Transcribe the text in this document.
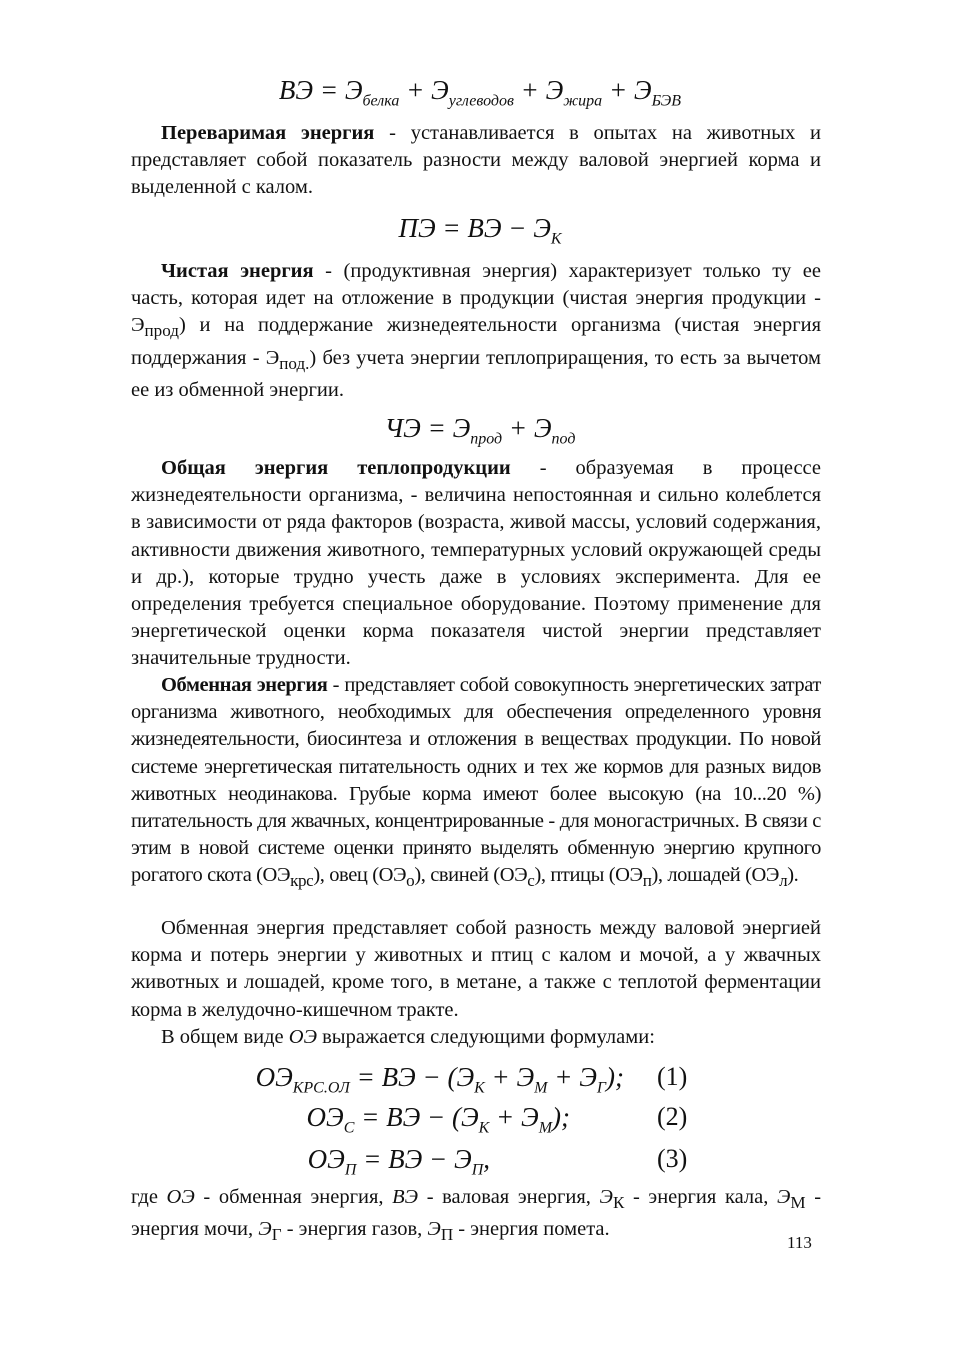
ВЭ = $Э_{белка} + Э_{углеводов} + Э_{жира} + Э_{БЭВ}$
Переваримая энергия - устанавливается в опытах на животных и представляет собой показатель разности между валовой энергией корма и выделенной с калом.
ПЭ = ВЭ − $Э_К$
Чистая энергия - (продуктивная энергия) характеризует только ту ее часть, которая идет на отложение в продукции (чистая энергия продукции - $Э_{прод}$) и на поддержание жизнедеятельности организма (чистая энергия поддержания - $Э_{под.}$) без учета энергии теплоприращения, то есть за вычетом ее из обменной энергии.
ЧЭ = $Э_{прод} + Э_{под}$
Общая энергия теплопродукции - образуемая в процессе жизнедеятельности организма, - величина непостоянная и сильно колеблется в зависимости от ряда факторов (возраста, живой массы, условий содержания, активности движения животного, температурных условий окружающей среды и др.), которые трудно учесть даже в условиях эксперимента. Для ее определения требуется специальное оборудование. Поэтому применение для энергетической оценки корма показателя чистой энергии представляет значительные трудности.
Обменная энергия - представляет собой совокупность энергетических затрат организма животного, необходимых для обеспечения определенного уровня жизнедеятельности, биосинтеза и отложения в веществах продукции. По новой системе энергетическая питательность одних и тех же кормов для разных видов животных неодинакова. Грубые корма имеют более высокую (на 10...20 %) питательность для жвачных, концентрированные - для моногастричных. В связи с этим в новой системе оценки принято выделять обменную энергию крупного рогатого скота $(ОЭ_{крс})$, овец $(ОЭ_о)$, свиней $(ОЭ_с)$, птицы $(ОЭ_п)$, лошадей $(ОЭ_л)$.
Обменная энергия представляет собой разность между валовой энергией корма и потерь энергии у животных и птиц с калом и мочой, а у жвачных животных и лошадей, кроме того, в метане, а также с теплотой ферментации корма в желудочно-кишечном тракте.
В общем виде ОЭ выражается следующими формулами:
$ОЭ_{КРС.ОЛ}$ = ВЭ − $(Э_К + Э_М + Э_Г)$; (1)
$ОЭ_С$ = ВЭ − $(Э_К + Э_М)$;	(2)
$ОЭ_П$ = ВЭ − $Э_П$,	(3)
где ОЭ - обменная энергия, ВЭ - валовая энергия, $Э_К$ - энергия кала, $Э_М$ - энергия мочи, $Э_Г$ - энергия газов, $Э_П$ - энергия помета.
113
